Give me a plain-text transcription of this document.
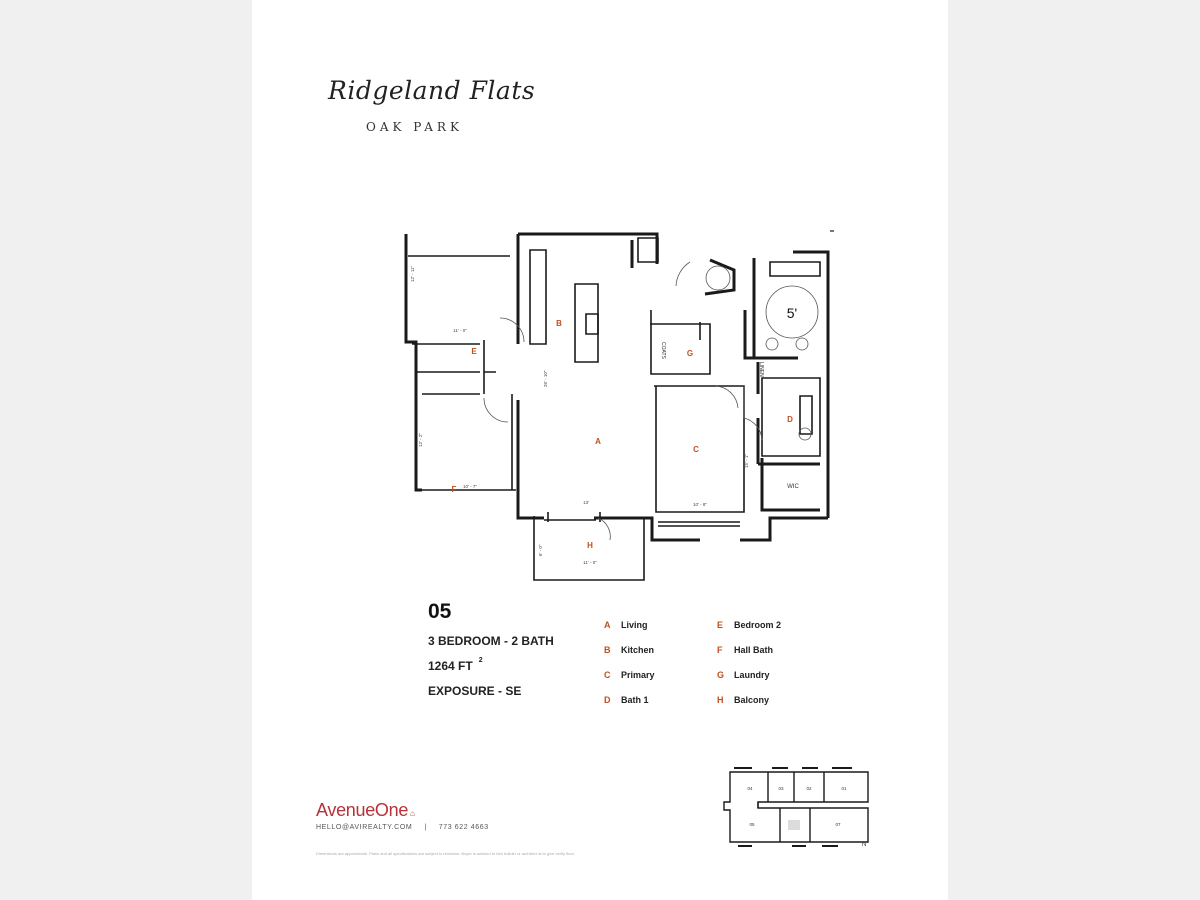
Ridgeland Flats
OAK PARK
A
B
C
D
E
F
G
H
5'
COATS
LINEN
WIC
11' - 0"
12' - 11"
12' - 2"
10' - 7"
26' - 10"
13'	10' - 8"
15' - 1"
11' - 0"
6' - 0"
05
3 BEDROOM - 2 BATH
1264 FT $^2$
EXPOSURE - SE
A Living
B Kitchen
C Primary
D Bath 1
E Bedroom 2
F Hall Bath
G Laundry
H Balcony
AvenueOne ⌂
HELLO@AVIREALTY.COM | 773 622 4663
Dimensions are approximate. Plans and all specifications are subject to revisions. Buyer is advised to hire builder or architect at to give verify floor.
04	03	02	01
05	07
N
